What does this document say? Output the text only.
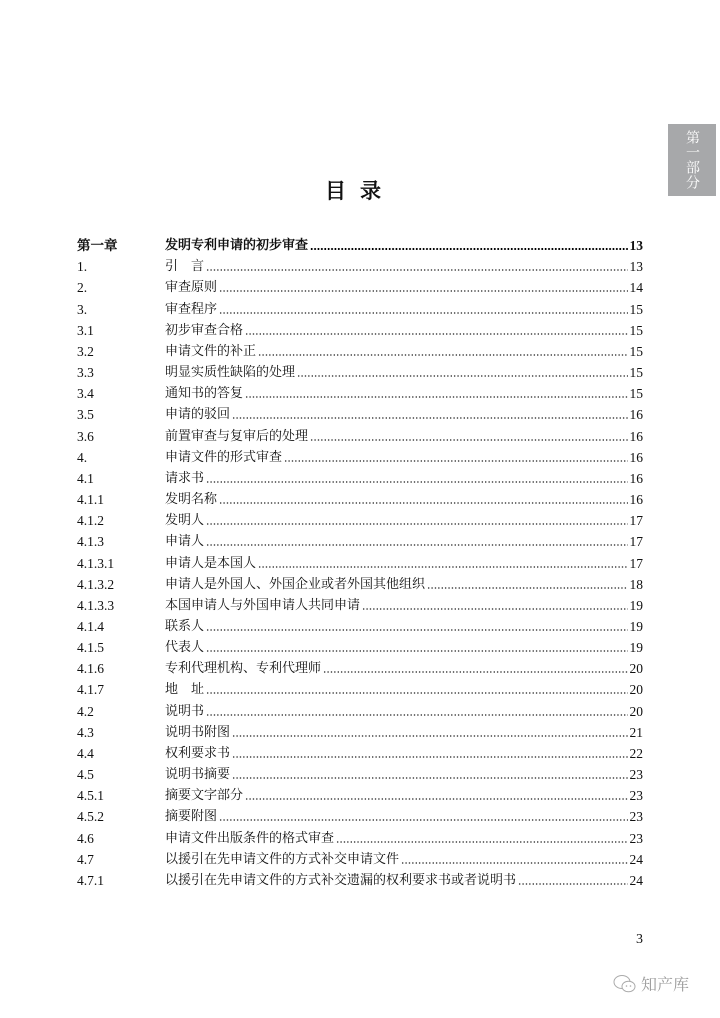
第一部分
目录
第一章	发明专利申请的初步审查	13
1.	引　言	13
2.	审查原则	14
3.	审查程序	15
3.1	初步审查合格	15
3.2	申请文件的补正	15
3.3	明显实质性缺陷的处理	15
3.4	通知书的答复	15
3.5	申请的驳回	16
3.6	前置审查与复审后的处理	16
4.	申请文件的形式审查	16
4.1	请求书	16
4.1.1	发明名称	16
4.1.2	发明人	17
4.1.3	申请人	17
4.1.3.1	申请人是本国人	17
4.1.3.2	申请人是外国人、外国企业或者外国其他组织	18
4.1.3.3	本国申请人与外国申请人共同申请	19
4.1.4	联系人	19
4.1.5	代表人	19
4.1.6	专利代理机构、专利代理师	20
4.1.7	地　址	20
4.2	说明书	20
4.3	说明书附图	21
4.4	权利要求书	22
4.5	说明书摘要	23
4.5.1	摘要文字部分	23
4.5.2	摘要附图	23
4.6	申请文件出版条件的格式审查	23
4.7	以援引在先申请文件的方式补交申请文件	24
4.7.1	以援引在先申请文件的方式补交遗漏的权利要求书或者说明书	24
3
知产库
